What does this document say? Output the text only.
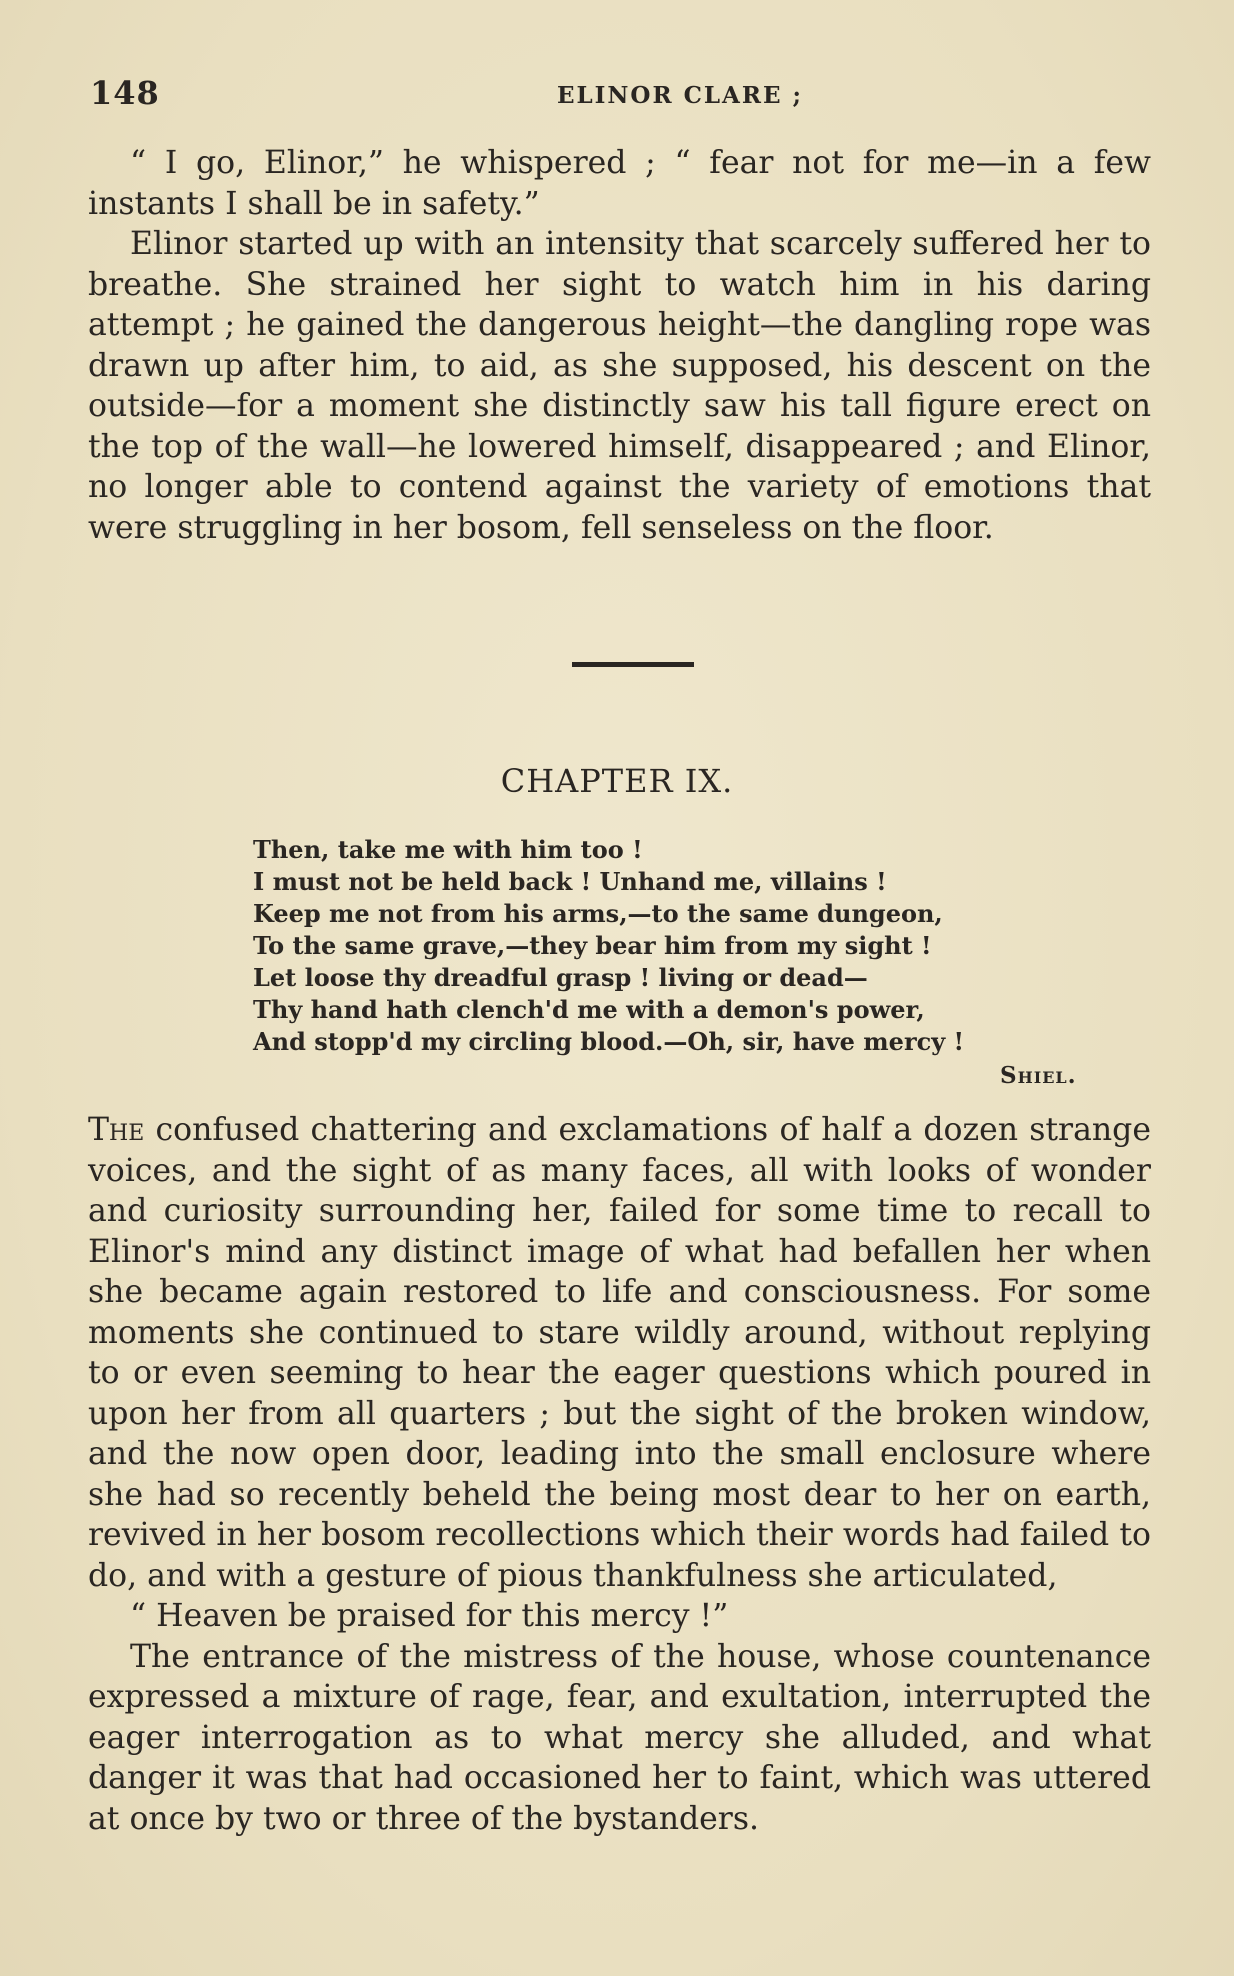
148	ELINOR CLARE ;

“ I go, Elinor,” he whispered ; “ fear not for me—in a few instants I shall be in safety.”

Elinor started up with an intensity that scarcely suffered her to breathe. She strained her sight to watch him in his daring attempt ; he gained the dangerous height—the dangling rope was drawn up after him, to aid, as she supposed, his descent on the outside—for a moment she distinctly saw his tall figure erect on the top of the wall—he lowered himself, disappeared ; and Elinor, no longer able to contend against the variety of emotions that were struggling in her bosom, fell senseless on the floor.

CHAPTER IX.
Then, take me with him too !
I must not be held back ! Unhand me, villains !
Keep me not from his arms,—to the same dungeon,
To the same grave,—they bear him from my sight !
Let loose thy dreadful grasp ! living or dead—
Thy hand hath clench'd me with a demon's power,
And stopp'd my circling blood.—Oh, sir, have mercy !
Shiel.

The confused chattering and exclamations of half a dozen strange voices, and the sight of as many faces, all with looks of wonder and curiosity surrounding her, failed for some time to recall to Elinor's mind any distinct image of what had befallen her when she became again restored to life and consciousness. For some moments she continued to stare wildly around, without replying to or even seeming to hear the eager questions which poured in upon her from all quarters ; but the sight of the broken window, and the now open door, leading into the small enclosure where she had so recently beheld the being most dear to her on earth, revived in her bosom recollections which their words had failed to do, and with a gesture of pious thankfulness she articulated,

“ Heaven be praised for this mercy !”

The entrance of the mistress of the house, whose countenance expressed a mixture of rage, fear, and exultation, interrupted the eager interrogation as to what mercy she alluded, and what danger it was that had occasioned her to faint, which was uttered at once by two or three of the bystanders.
